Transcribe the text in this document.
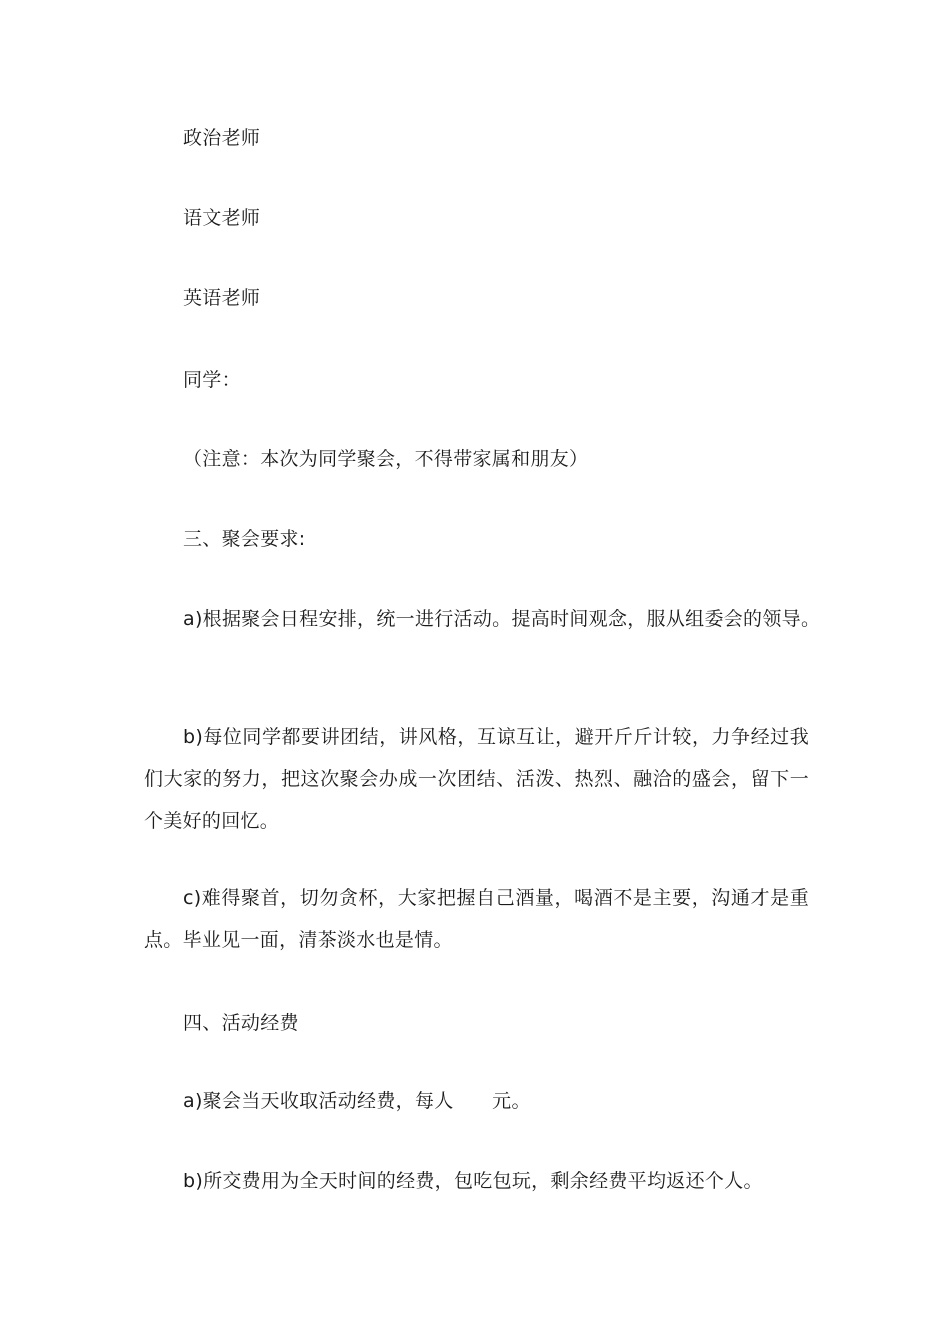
政治老师
语文老师
英语老师
同学：
（注意：本次为同学聚会，不得带家属和朋友）
三、聚会要求:
a)根据聚会日程安排，统一进行活动。提高时间观念，服从组委会的领导。
b)每位同学都要讲团结，讲风格，互谅互让，避开斤斤计较，力争经过我们大家的努力，把这次聚会办成一次团结、活泼、热烈、融洽的盛会，留下一个美好的回忆。
c)难得聚首，切勿贪杯，大家把握自己酒量，喝酒不是主要，沟通才是重点。毕业见一面，清茶淡水也是情。
四、活动经费
a)聚会当天收取活动经费，每人　　元。
b)所交费用为全天时间的经费，包吃包玩，剩余经费平均返还个人。
